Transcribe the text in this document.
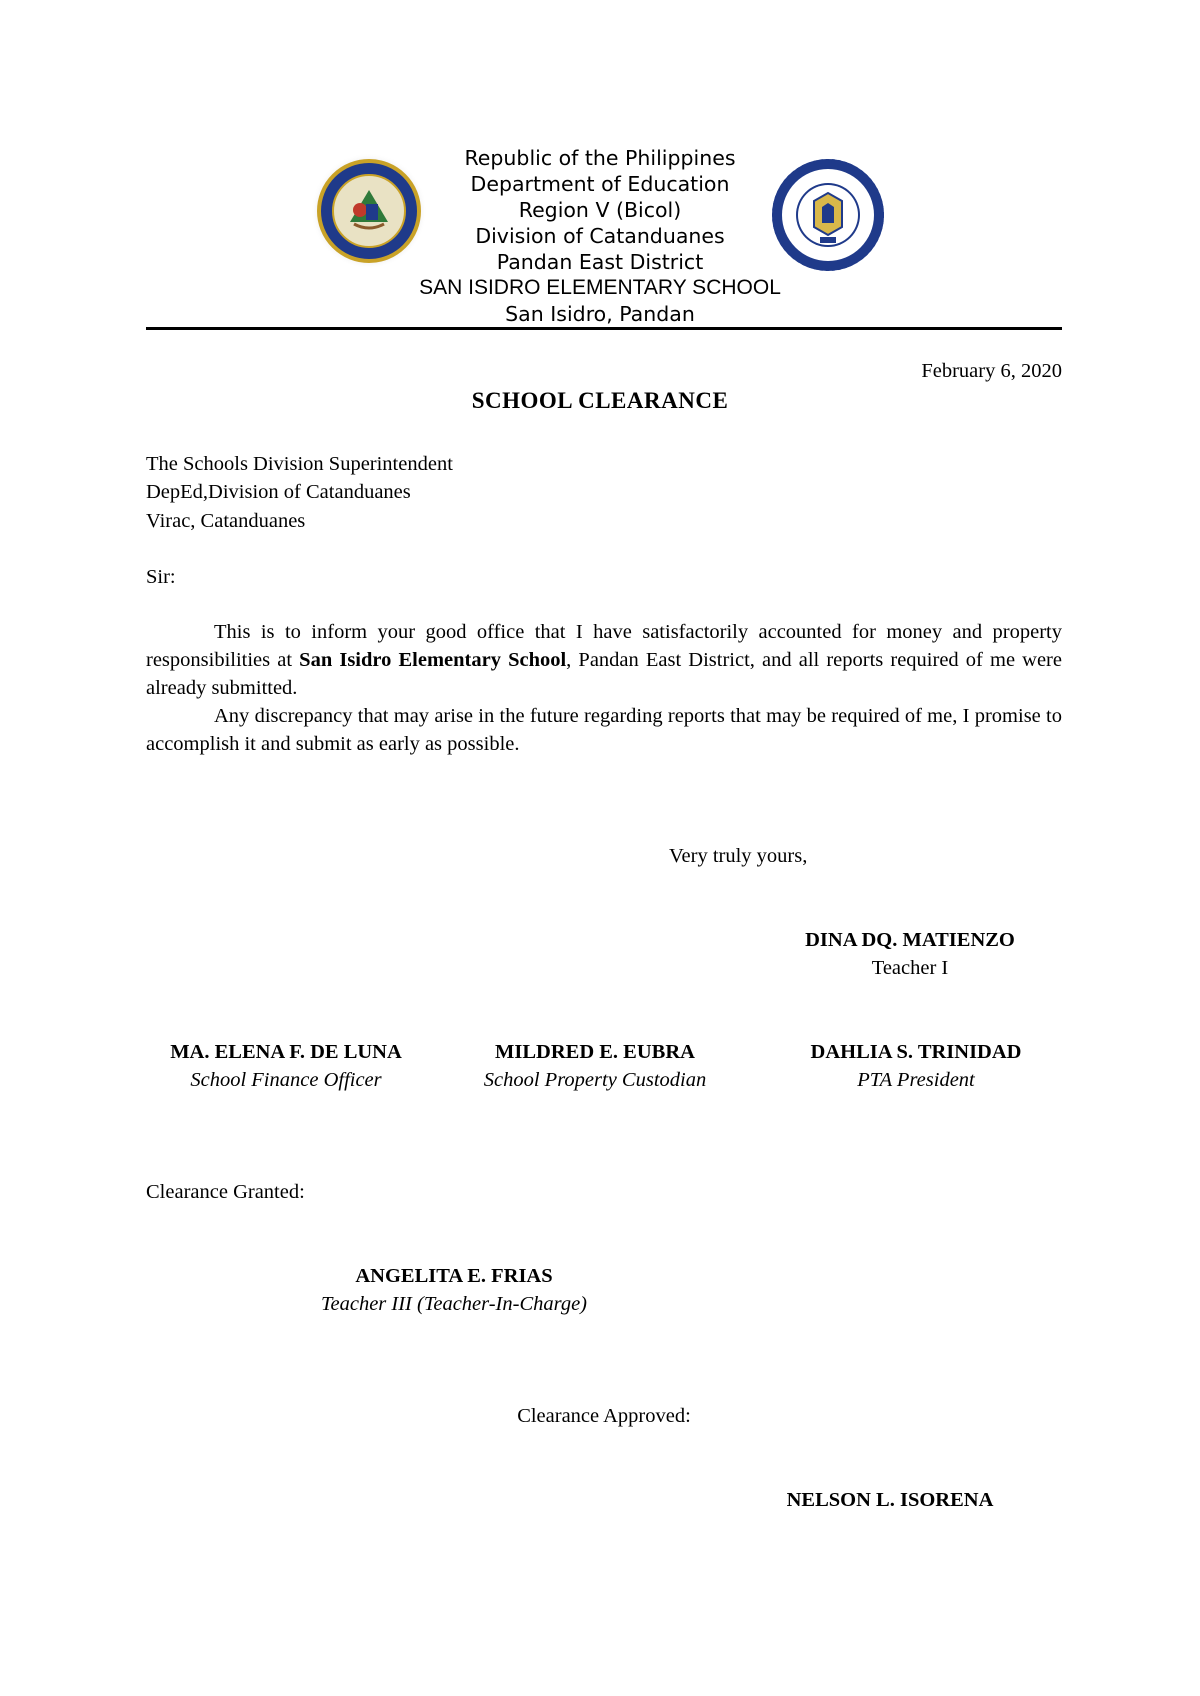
Republic of the Philippines
Department of Education
Region V (Bicol)
Division of Catanduanes
Pandan East District
SAN ISIDRO ELEMENTARY SCHOOL
San Isidro, Pandan
February 6, 2020
SCHOOL CLEARANCE
The Schools Division Superintendent
DepEd,Division of Catanduanes
Virac, Catanduanes
Sir:
This is to inform your good office that I have satisfactorily accounted for money and property responsibilities at San Isidro Elementary School, Pandan East District, and all reports required of me were already submitted.
Any discrepancy that may arise in the future regarding reports that may be required of me, I promise to accomplish it and submit as early as possible.
Very truly yours,
DINA DQ. MATIENZO
Teacher I
MA. ELENA F. DE LUNA
School Finance Officer
MILDRED E. EUBRA
School Property Custodian
DAHLIA S. TRINIDAD
PTA President
Clearance Granted:
ANGELITA E. FRIAS
Teacher III (Teacher-In-Charge)
Clearance Approved:
NELSON L. ISORENA
